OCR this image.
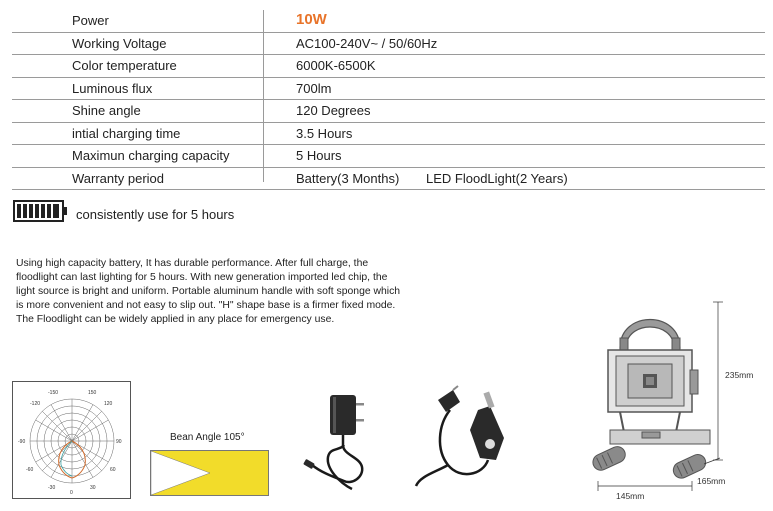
Power	10W
Working Voltage	AC100-240V~ / 50/60Hz
Color temperature	6000K-6500K
Luminous flux	700lm
Shine angle	120 Degrees
intial charging time	3.5 Hours
Maximun charging capacity	5 Hours
Warranty period	Battery(3 Months) LED FloodLight(2 Years)
consistently use for 5 hours
Using high capacity battery, It has durable performance. After full charge, the
floodlight can last lighting for 5 hours. With new generation imported led chip, the
light source is bright and uniform. Portable aluminum handle with soft sponge which
is more convenient and not easy to slip out. "H" shape base is a firmer fixed mode.
The Floodlight can be widely applied in any place for emergency use.
-150	150
-120	120
-90	90
-60	60
-30	30
0
Bean Angle 105°
235mm
145mm
165mm
